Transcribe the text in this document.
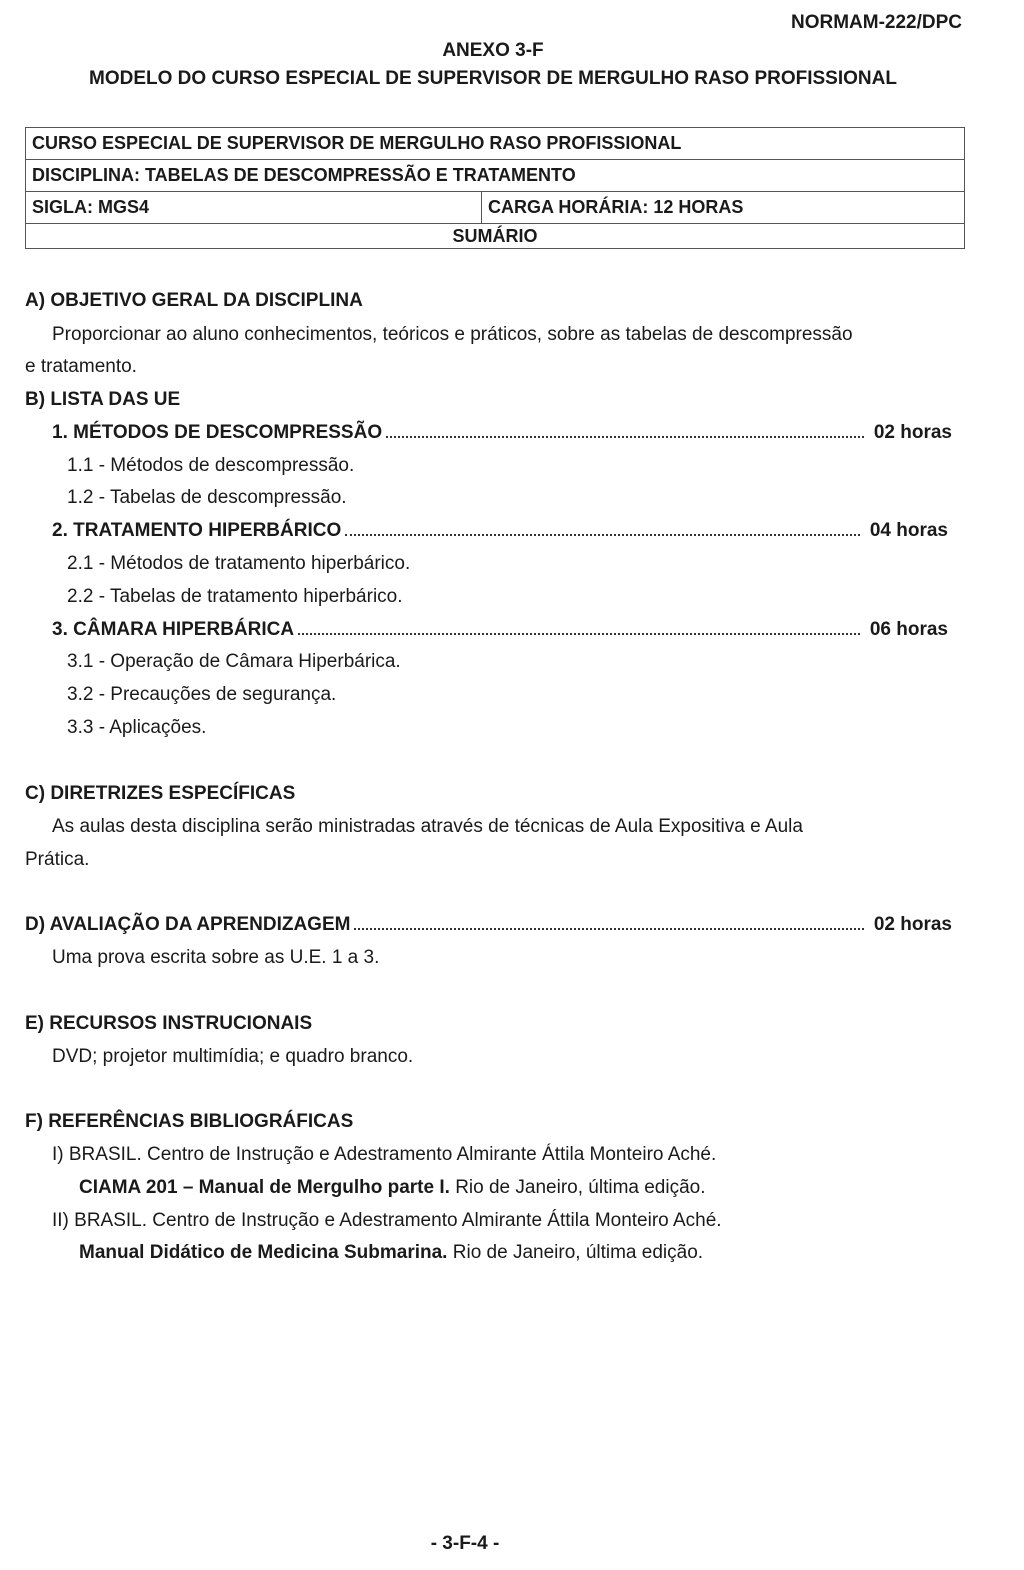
NORMAM-222/DPC
ANEXO 3-F
MODELO DO CURSO ESPECIAL DE SUPERVISOR DE MERGULHO RASO PROFISSIONAL
CURSO ESPECIAL DE SUPERVISOR DE MERGULHO RASO PROFISSIONAL
DISCIPLINA: TABELAS DE DESCOMPRESSÃO E TRATAMENTO
SIGLA: MGS4	CARGA HORÁRIA: 12 HORAS
SUMÁRIO
A) OBJETIVO GERAL DA DISCIPLINA
Proporcionar ao aluno conhecimentos, teóricos e práticos, sobre as tabelas de descompressão
e tratamento.
B) LISTA DAS UE
1. MÉTODOS DE DESCOMPRESSÃO	02 horas
1.1 - Métodos de descompressão.
1.2 - Tabelas de descompressão.
2. TRATAMENTO HIPERBÁRICO	04 horas
2.1 - Métodos de tratamento hiperbárico.
2.2 - Tabelas de tratamento hiperbárico.
3. CÂMARA HIPERBÁRICA	06 horas
3.1 - Operação de Câmara Hiperbárica.
3.2 - Precauções de segurança.
3.3 - Aplicações.
C) DIRETRIZES ESPECÍFICAS
As aulas desta disciplina serão ministradas através de técnicas de Aula Expositiva e Aula
Prática.
D) AVALIAÇÃO DA APRENDIZAGEM	02 horas
Uma prova escrita sobre as U.E. 1 a 3.
E) RECURSOS INSTRUCIONAIS
DVD; projetor multimídia; e quadro branco.
F) REFERÊNCIAS BIBLIOGRÁFICAS
I) BRASIL. Centro de Instrução e Adestramento Almirante Áttila Monteiro Aché.
CIAMA 201 – Manual de Mergulho parte I. Rio de Janeiro, última edição.
II) BRASIL. Centro de Instrução e Adestramento Almirante Áttila Monteiro Aché.
Manual Didático de Medicina Submarina. Rio de Janeiro, última edição.
- 3-F-4 -
